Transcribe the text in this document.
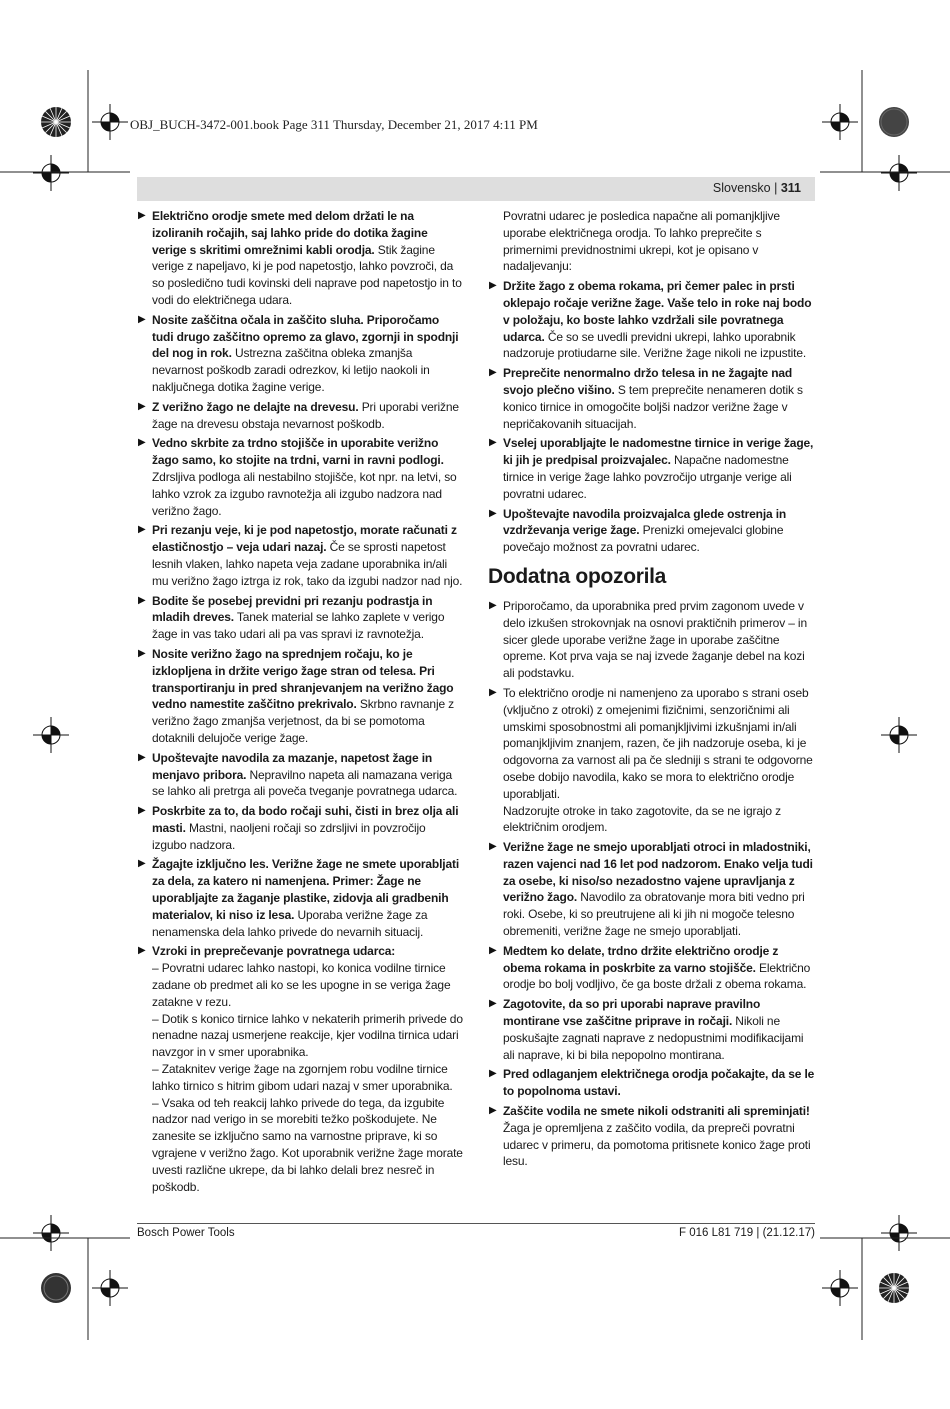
OBJ_BUCH-3472-001.book Page 311 Thursday, December 21, 2017 4:11 PM
Slovensko | 311
▶ Električno orodje smete med delom držati le na izoliranih ročajih, saj lahko pride do dotika žagine verige s skritimi omrežnimi kabli orodja. Stik žagine verige z napeljavo, ki je pod napetostjo, lahko povzroči, da so posledično tudi kovinski deli naprave pod napetostjo in to vodi do električnega udara.
▶ Nosite zaščitna očala in zaščito sluha. Priporočamo tudi drugo zaščitno opremo za glavo, zgornji in spodnji del nog in rok. Ustrezna zaščitna obleka zmanjša nevarnost poškodb zaradi odrezkov, ki letijo naokoli in naključnega dotika žagine verige.
▶ Z verižno žago ne delajte na drevesu. Pri uporabi verižne žage na drevesu obstaja nevarnost poškodb.
▶ Vedno skrbite za trdno stojišče in uporabite verižno žago samo, ko stojite na trdni, varni in ravni podlogi. Zdrsljiva podloga ali nestabilno stojišče, kot npr. na letvi, so lahko vzrok za izgubo ravnotežja ali izgubo nadzora nad verižno žago.
▶ Pri rezanju veje, ki je pod napetostjo, morate računati z elastičnostjo – veja udari nazaj. Če se sprosti napetost lesnih vlaken, lahko napeta veja zadane uporabnika in/ali mu verižno žago iztrga iz rok, tako da izgubi nadzor nad njo.
▶ Bodite še posebej previdni pri rezanju podrastja in mladih dreves. Tanek material se lahko zaplete v verigo žage in vas tako udari ali pa vas spravi iz ravnotežja.
▶ Nosite verižno žago na sprednjem ročaju, ko je izklopljena in držite verigo žage stran od telesa. Pri transportiranju in pred shranjevanjem na verižno žago vedno namestite zaščitno prekrivalo. Skrbno ravnanje z verižno žago zmanjša verjetnost, da bi se pomotoma dotaknili delujoče verige žage.
▶ Upoštevajte navodila za mazanje, napetost žage in menjavo pribora. Nepravilno napeta ali namazana veriga se lahko ali pretrga ali poveča tveganje povratnega udarca.
▶ Poskrbite za to, da bodo ročaji suhi, čisti in brez olja ali masti. Mastni, naoljeni ročaji so zdrsljivi in povzročijo izgubo nadzora.
▶ Žagajte izključno les. Verižne žage ne smete uporabljati za dela, za katero ni namenjena. Primer: Žage ne uporabljajte za žaganje plastike, zidovja ali gradbenih materialov, ki niso iz lesa. Uporaba verižne žage za nenamenska dela lahko privede do nevarnih situacij.
▶ Vzroki in preprečevanje povratnega udarca:
– Povratni udarec lahko nastopi, ko konica vodilne tirnice zadane ob predmet ali ko se les upogne in se veriga žage zatakne v rezu.
– Dotik s konico tirnice lahko v nekaterih primerih privede do nenadne nazaj usmerjene reakcije, kjer vodilna tirnica udari navzgor in v smer uporabnika.
– Zataknitev verige žage na zgornjem robu vodilne tirnice lahko tirnico s hitrim gibom udari nazaj v smer uporabnika.
– Vsaka od teh reakcij lahko privede do tega, da izgubite nadzor nad verigo in se morebiti težko poškodujete. Ne zanesite se izključno samo na varnostne priprave, ki so vgrajene v verižno žago. Kot uporabnik verižne žage morate uvesti različne ukrepe, da bi lahko delali brez nesreč in poškodb.
Povratni udarec je posledica napačne ali pomanjkljive uporabe električnega orodja. To lahko preprečite s primernimi previdnostnimi ukrepi, kot je opisano v nadaljevanju:
▶ Držite žago z obema rokama, pri čemer palec in prsti oklepajo ročaje verižne žage. Vaše telo in roke naj bodo v položaju, ko boste lahko vzdržali sile povratnega udarca. Če so se uvedli previdni ukrepi, lahko uporabnik nadzoruje protiudarne sile. Verižne žage nikoli ne izpustite.
▶ Preprečite nenormalno držo telesa in ne žagajte nad svojo plečno višino. S tem preprečite nenameren dotik s konico tirnice in omogočite boljši nadzor verižne žage v nepričakovanih situacijah.
▶ Vselej uporabljajte le nadomestne tirnice in verige žage, ki jih je predpisal proizvajalec. Napačne nadomestne tirnice in verige žage lahko povzročijo utrganje verige ali povratni udarec.
▶ Upoštevajte navodila proizvajalca glede ostrenja in vzdrževanja verige žage. Prenizki omejevalci globine povečajo možnost za povratni udarec.
Dodatna opozorila
▶ Priporočamo, da uporabnika pred prvim zagonom uvede v delo izkušen strokovnjak na osnovi praktičnih primerov – in sicer glede uporabe verižne žage in uporabe zaščitne opreme. Kot prva vaja se naj izvede žaganje debel na kozi ali podstavku.
▶ To električno orodje ni namenjeno za uporabo s strani oseb (vključno z otroki) z omejenimi fizičnimi, senzoričnimi ali umskimi sposobnostmi ali pomanjkljivimi izkušnjami in/ali pomanjkljivim znanjem, razen, če jih nadzoruje oseba, ki je odgovorna za varnost ali pa če sledniji s strani te odgovorne osebe dobijo navodila, kako se mora to električno orodje uporabljati.
Nadzorujte otroke in tako zagotovite, da se ne igrajo z električnim orodjem.
▶ Verižne žage ne smejo uporabljati otroci in mladostniki, razen vajenci nad 16 let pod nadzorom. Enako velja tudi za osebe, ki niso/so nezadostno vajene upravljanja z verižno žago. Navodilo za obratovanje mora biti vedno pri roki. Osebe, ki so preutrujene ali ki jih ni mogoče telesno obremeniti, verižne žage ne smejo uporabljati.
▶ Medtem ko delate, trdno držite električno orodje z obema rokama in poskrbite za varno stojišče. Električno orodje bo bolj vodljivo, če ga boste držali z obema rokama.
▶ Zagotovite, da so pri uporabi naprave pravilno montirane vse zaščitne priprave in ročaji. Nikoli ne poskušajte zagnati naprave z nedopustnimi modifikacijami ali naprave, ki bi bila nepopolno montirana.
▶ Pred odlaganjem električnega orodja počakajte, da se le to popolnoma ustavi.
▶ Zaščite vodila ne smete nikoli odstraniti ali spreminjati! Žaga je opremljena z zaščito vodila, da prepreči povratni udarec v primeru, da pomotoma pritisnete konico žage proti lesu.
Bosch Power Tools	F 016 L81 719 | (21.12.17)
